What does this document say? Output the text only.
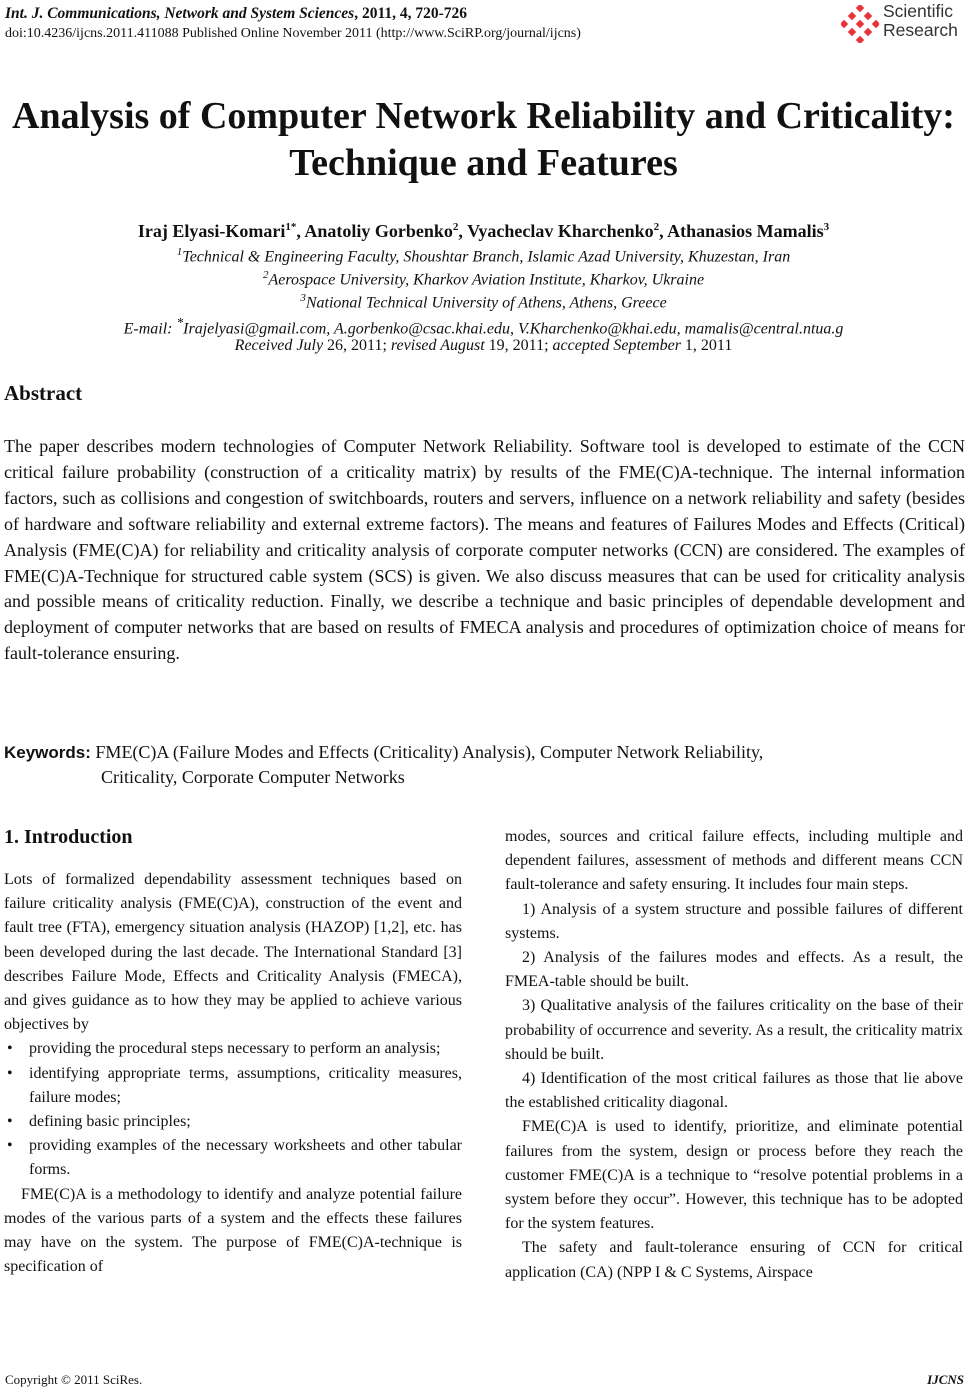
Int. J. Communications, Network and System Sciences, 2011, 4, 720-726
doi:10.4236/ijcns.2011.411088 Published Online November 2011 (http://www.SciRP.org/journal/ijcns)
Scientific
Research
Analysis of Computer Network Reliability and Criticality:
Technique and Features
Iraj Elyasi-Komari$^{1*}$, Anatoliy Gorbenko$^2$, Vyacheclav Kharchenko$^2$, Athanasios Mamalis$^3$
$^1$Technical & Engineering Faculty, Shoushtar Branch, Islamic Azad University, Khuzestan, Iran
$^2$Aerospace University, Kharkov Aviation Institute, Kharkov, Ukraine
$^3$National Technical University of Athens, Athens, Greece
E-mail: *Irajelyasi@gmail.com, A.gorbenko@csac.khai.edu, V.Kharchenko@khai.edu, mamalis@central.ntua.g
Received July 26, 2011; revised August 19, 2011; accepted September 1, 2011
Abstract
The paper describes modern technologies of Computer Network Reliability. Software tool is developed to estimate of the CCN critical failure probability (construction of a criticality matrix) by results of the FME(C)A-technique. The internal information factors, such as collisions and congestion of switchboards, routers and servers, influence on a network reliability and safety (besides of hardware and software reliability and external extreme factors). The means and features of Failures Modes and Effects (Critical) Analysis (FME(C)A) for reliability and criticality analysis of corporate computer networks (CCN) are considered. The examples of FME(C)A-Technique for structured cable system (SCS) is given. We also discuss measures that can be used for criticality analysis and possible means of criticality reduction. Finally, we describe a technique and basic principles of dependable development and deployment of computer networks that are based on results of FMECA analysis and procedures of optimization choice of means for fault-tolerance ensuring.
Keywords: FME(C)A (Failure Modes and Effects (Criticality) Analysis), Computer Network Reliability,
Criticality, Corporate Computer Networks

1. Introduction

Lots of formalized dependability assessment techniques based on failure criticality analysis (FME(C)A), construction of the event and fault tree (FTA), emergency situation analysis (HAZOP) [1,2], etc. has been developed during the last decade. The International Standard [3] describes Failure Mode, Effects and Criticality Analysis (FMECA), and gives guidance as to how they may be applied to achieve various objectives by

• providing the procedural steps necessary to perform an analysis;
• identifying appropriate terms, assumptions, criticality measures, failure modes;
• defining basic principles;
• providing examples of the necessary worksheets and other tabular forms.

FME(C)A is a methodology to identify and analyze potential failure modes of the various parts of a system and the effects these failures may have on the system. The purpose of FME(C)A-technique is specification of

modes, sources and critical failure effects, including multiple and dependent failures, assessment of methods and different means CCN fault-tolerance and safety ensuring. It includes four main steps.

1) Analysis of a system structure and possible failures of different systems.

2) Analysis of the failures modes and effects. As a result, the FMEA-table should be built.

3) Qualitative analysis of the failures criticality on the base of their probability of occurrence and severity. As a result, the criticality matrix should be built.

4) Identification of the most critical failures as those that lie above the established criticality diagonal.

FME(C)A is used to identify, prioritize, and eliminate potential failures from the system, design or process before they reach the customer FME(C)A is a technique to “resolve potential problems in a system before they occur”. However, this technique has to be adopted for the system features.

The safety and fault-tolerance ensuring of CCN for critical application (CA) (NPP I & C Systems, Airspace

Copyright © 2011 SciRes.	IJCNS
